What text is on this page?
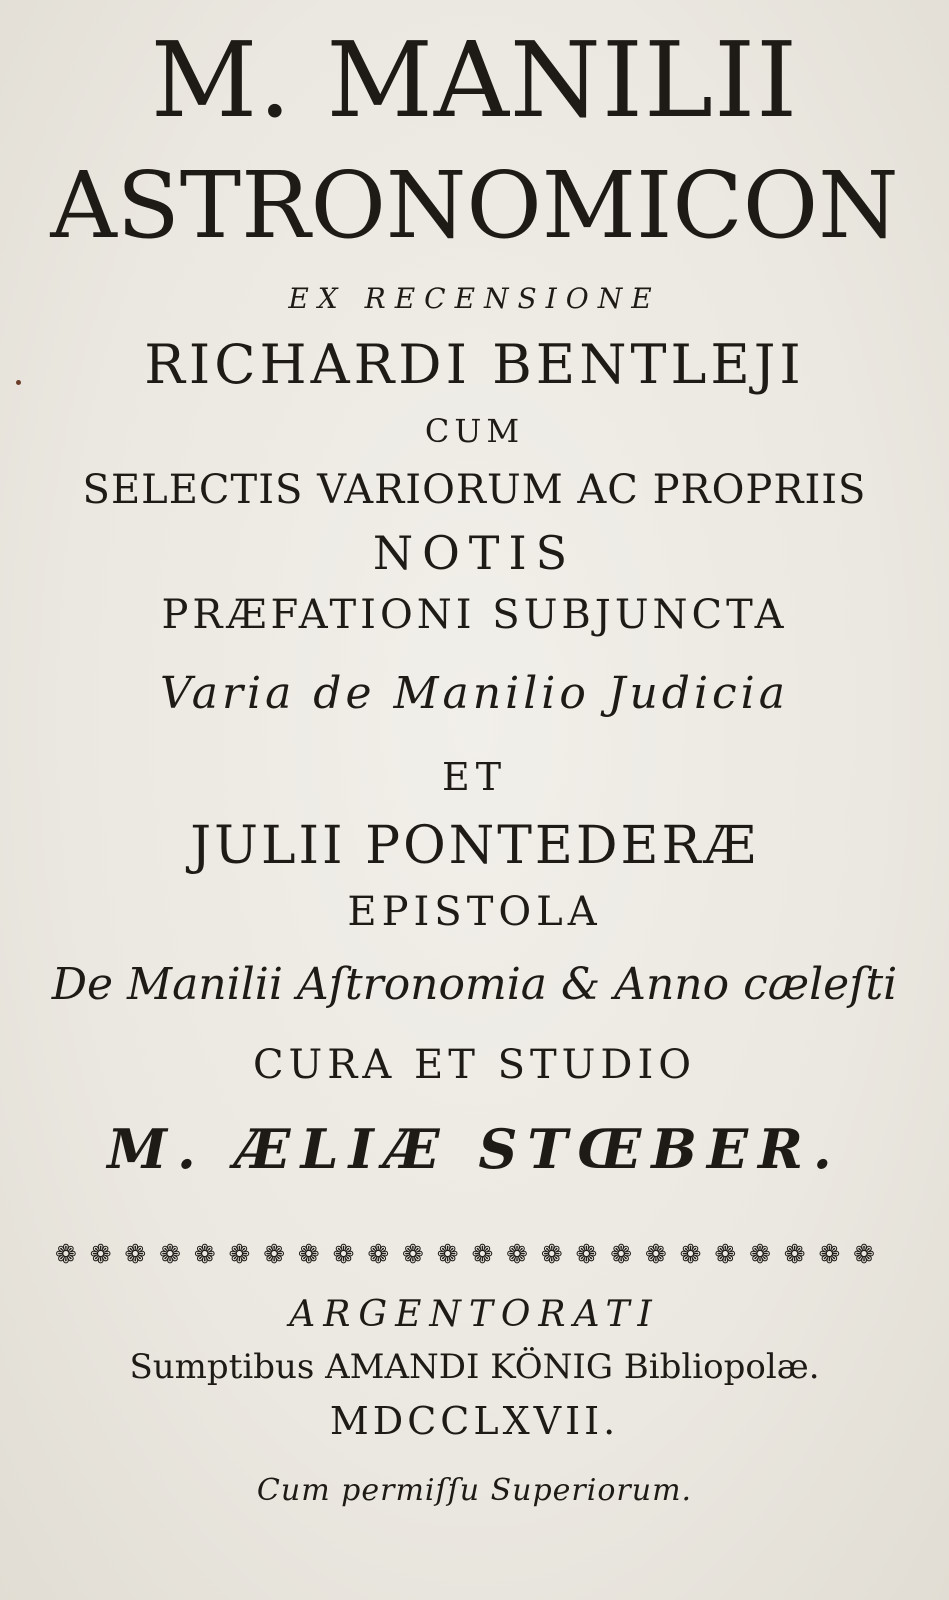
M. MANILII
ASTRONOMICON
EX RECENSIONE
RICHARDI BENTLEJI
CUM
SELECTIS VARIORUM AC PROPRIIS
NOTIS
PRÆFATIONI SUBJUNCTA
Varia de Manilio Judicia
ET
JULII PONTEDERÆ
EPISTOLA
De Manilii Aſtronomia & Anno cæleſti
CURA ET STUDIO
M. ÆLIÆ STŒBER.
❁ ❁ ❁ ❁ ❁ ❁ ❁ ❁ ❁ ❁ ❁ ❁ ❁ ❁ ❁ ❁ ❁ ❁ ❁ ❁ ❁ ❁ ❁ ❁
ARGENTORATI
Sumptibus AMANDI KÖNIG Bibliopolæ.
MDCCLXVII.
Cum permiſſu Superiorum.
